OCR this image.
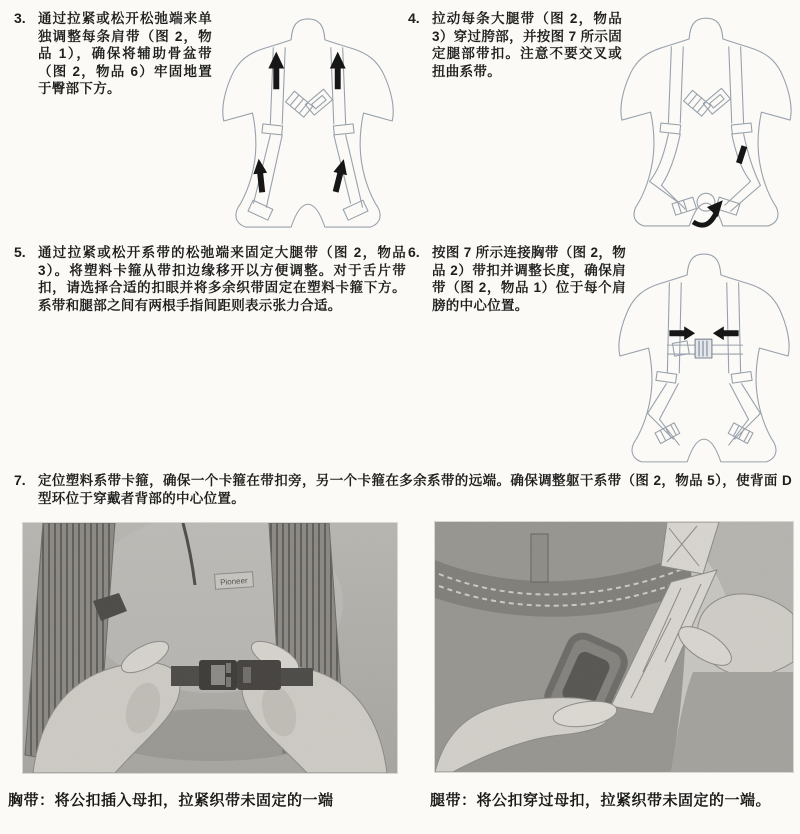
3. 通过拉紧或松开松弛端来单独调整每条肩带（图 2，物品 1），确保将辅助骨盆带（图 2，物品 6）牢固地置于臀部下方。
4. 拉动每条大腿带（图 2，物品 3）穿过胯部，并按图 7 所示固定腿部带扣。注意不要交叉或扭曲系带。
5. 通过拉紧或松开系带的松弛端来固定大腿带（图 2，物品 3）。将塑料卡箍从带扣边缘移开以方便调整。对于舌片带扣，请选择合适的扣眼并将多余织带固定在塑料卡箍下方。系带和腿部之间有两根手指间距则表示张力合适。
6. 按图 7 所示连接胸带（图 2，物品 2）带扣并调整长度，确保肩带（图 2，物品 1）位于每个肩膀的中心位置。
7. 定位塑料系带卡箍，确保一个卡箍在带扣旁，另一个卡箍在多余系带的远端。确保调整躯干系带（图 2，物品 5），使背面 D 型环位于穿戴者背部的中心位置。
Pioneer
胸带：将公扣插入母扣，拉紧织带未固定的一端	腿带：将公扣穿过母扣，拉紧织带未固定的一端。
